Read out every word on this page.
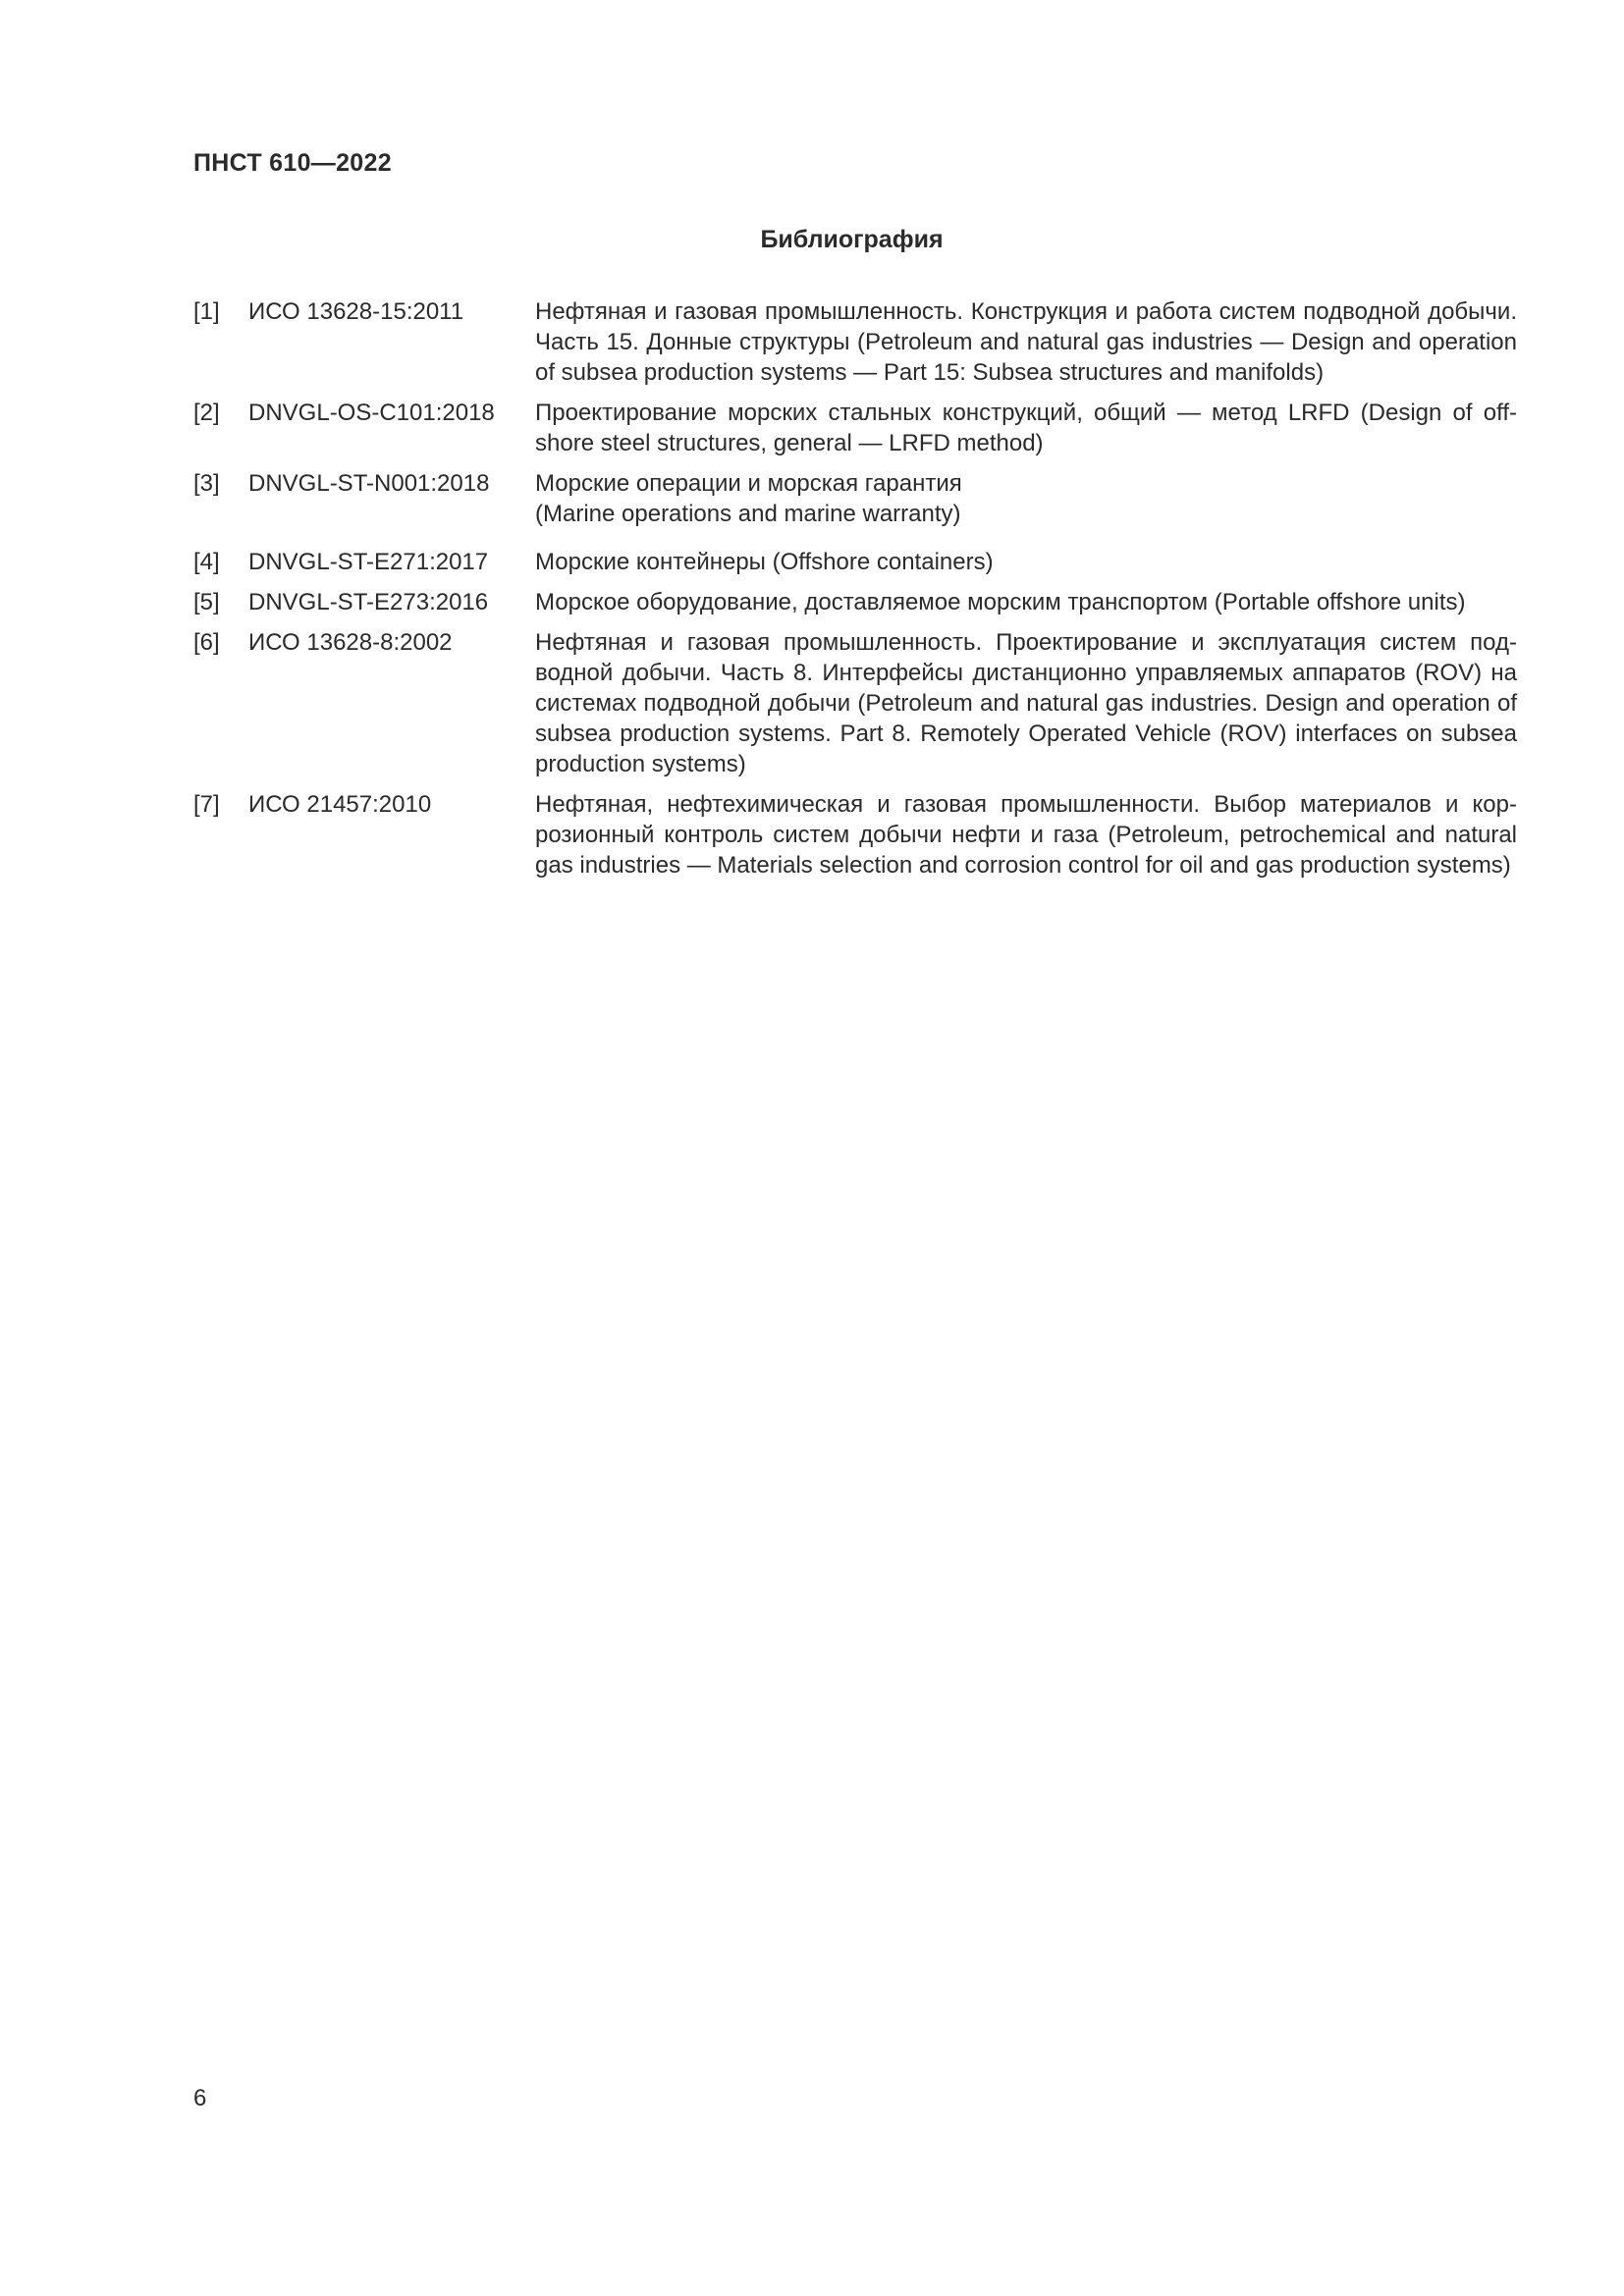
ПНСТ 610—2022

Библиография
[1]	ИСО 13628-15:2011	Нефтяная и газовая промышленность. Конструкция и работа систем подводной добычи. Часть 15. Донные структуры (Petroleum and natural gas industries — Design and operation of subsea production systems — Part 15: Subsea structures and manifolds)
[2]	DNVGL-OS-C101:2018	Проектирование морских стальных конструкций, общий — метод LRFD (Design of offshore steel structures, general — LRFD method)
[3]	DNVGL-ST-N001:2018	Морские операции и морская гарантия
(Marine operations and marine warranty)
[4]	DNVGL-ST-E271:2017	Морские контейнеры (Offshore containers)
[5]	DNVGL-ST-E273:2016	Морское оборудование, доставляемое морским транспортом (Portable offshore units)
[6]	ИСО 13628-8:2002	Нефтяная и газовая промышленность. Проектирование и эксплуатация систем подводной добычи. Часть 8. Интерфейсы дистанционно управляемых аппаратов (ROV) на системах подводной добычи (Petroleum and natural gas industries. Design and operation of subsea production systems. Part 8. Remotely Operated Vehicle (ROV) interfaces on subsea production systems)
[7]	ИСО 21457:2010	Нефтяная, нефтехимическая и газовая промышленности. Выбор материалов и коррозионный контроль систем добычи нефти и газа (Petroleum, petrochemical and natural gas industries — Materials selection and corrosion control for oil and gas production systems)

6
